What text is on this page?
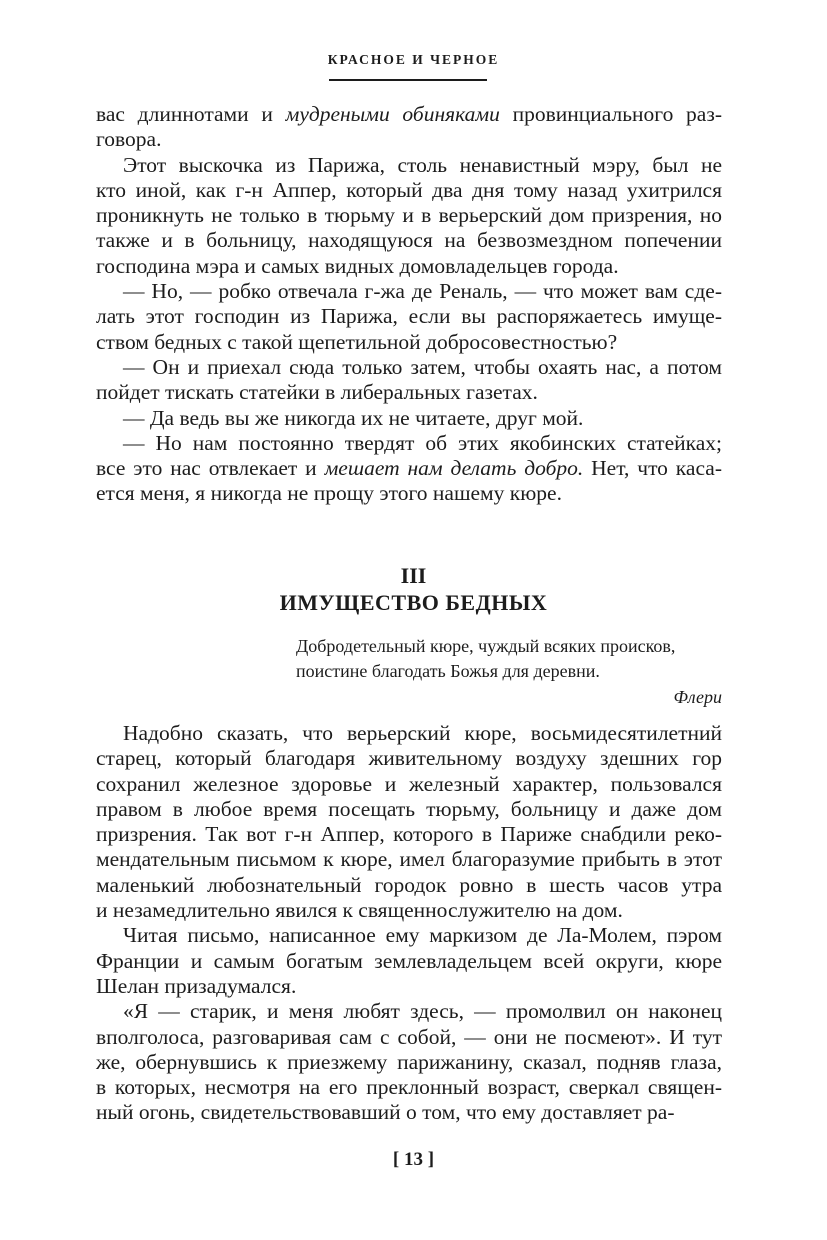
КРАСНОЕ И ЧЕРНОЕ

вас длиннотами и мудреными обиняками провинциального раз-
говора.

Этот выскочка из Парижа, столь ненавистный мэру, был не
кто иной, как г-н Аппер, который два дня тому назад ухитрился
проникнуть не только в тюрьму и в верьерский дом призрения, но
также и в больницу, находящуюся на безвозмездном попечении
господина мэра и самых видных домовладельцев города.

— Но, — робко отвечала г-жа де Реналь, — что может вам сде-
лать этот господин из Парижа, если вы распоряжаетесь имуще-
ством бедных с такой щепетильной добросовестностью?

— Он и приехал сюда только затем, чтобы охаять нас, а потом
пойдет тискать статейки в либеральных газетах.

— Да ведь вы же никогда их не читаете, друг мой.

— Но нам постоянно твердят об этих якобинских статейках;
все это нас отвлекает и мешает нам делать добро. Нет, что каса-
ется меня, я никогда не прощу этого нашему кюре.

III
ИМУЩЕСТВО БЕДНЫХ
Добродетельный кюре, чуждый всяких происков,
поистине благодать Божья для деревни.
Флери

Надобно сказать, что верьерский кюре, восьмидесятилетний
старец, который благодаря живительному воздуху здешних гор
сохранил железное здоровье и железный характер, пользовался
правом в любое время посещать тюрьму, больницу и даже дом
призрения. Так вот г-н Аппер, которого в Париже снабдили реко-
мендательным письмом к кюре, имел благоразумие прибыть в этот
маленький любознательный городок ровно в шесть часов утра
и незамедлительно явился к священнослужителю на дом.

Читая письмо, написанное ему маркизом де Ла-Молем, пэром
Франции и самым богатым землевладельцем всей округи, кюре
Шелан призадумался.

«Я — старик, и меня любят здесь, — промолвил он наконец
вполголоса, разговаривая сам с собой, — они не посмеют». И тут
же, обернувшись к приезжему парижанину, сказал, подняв глаза,
в которых, несмотря на его преклонный возраст, сверкал священ-
ный огонь, свидетельствовавший о том, что ему доставляет ра-

[ 13 ]
